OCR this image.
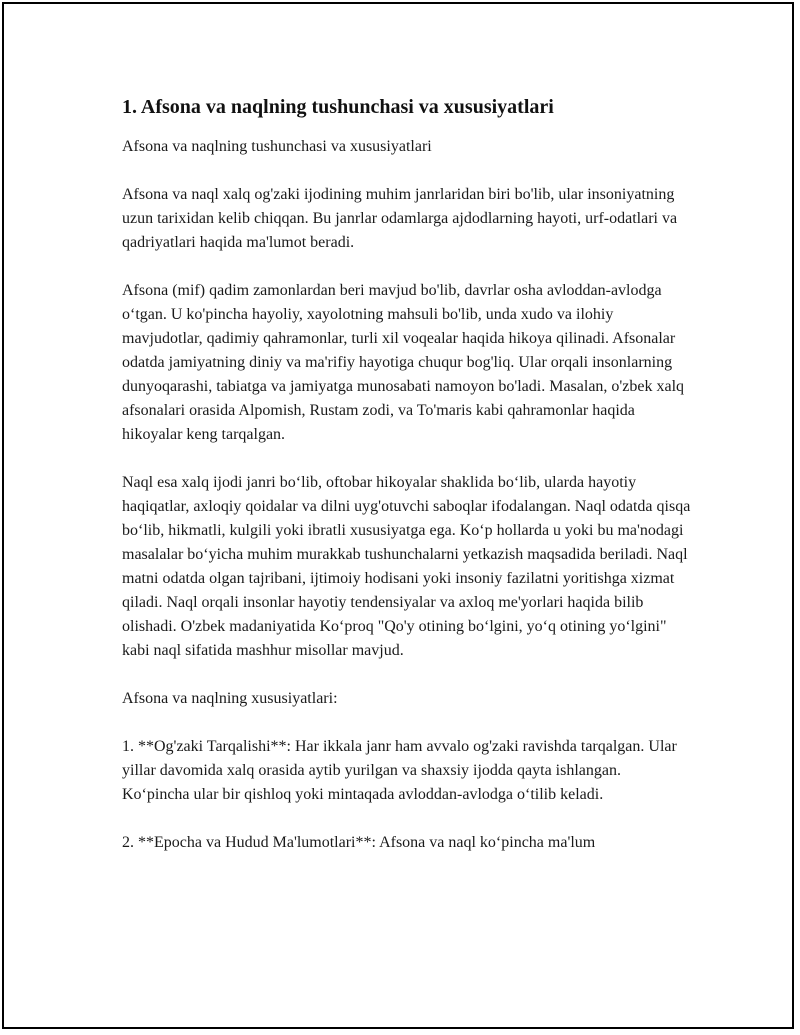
1. Afsona va naqlning tushunchasi va xususiyatlari

Afsona va naqlning tushunchasi va xususiyatlari

Afsona va naql xalq og'zaki ijodining muhim janrlaridan biri bo'lib, ular insoniyatning uzun tarixidan kelib chiqqan. Bu janrlar odamlarga ajdodlarning hayoti, urf-odatlari va qadriyatlari haqida ma'lumot beradi.

Afsona (mif) qadim zamonlardan beri mavjud bo'lib, davrlar osha avloddan-avlodga o‘tgan. U ko'pincha hayoliy, xayolotning mahsuli bo'lib, unda xudo va ilohiy mavjudotlar, qadimiy qahramonlar, turli xil voqealar haqida hikoya qilinadi. Afsonalar odatda jamiyatning diniy va ma'rifiy hayotiga chuqur bog'liq. Ular orqali insonlarning dunyoqarashi, tabiatga va jamiyatga munosabati namoyon bo'ladi. Masalan, o'zbek xalq afsonalari orasida Alpomish, Rustam zodi, va To'maris kabi qahramonlar haqida hikoyalar keng tarqalgan.

Naql esa xalq ijodi janri bo‘lib, oftobar hikoyalar shaklida bo‘lib, ularda hayotiy haqiqatlar, axloqiy qoidalar va dilni uyg'otuvchi saboqlar ifodalangan. Naql odatda qisqa bo‘lib, hikmatli, kulgili yoki ibratli xususiyatga ega. Ko‘p hollarda u yoki bu ma'nodagi masalalar bo‘yicha muhim murakkab tushunchalarni yetkazish maqsadida beriladi. Naql matni odatda olgan tajribani, ijtimoiy hodisani yoki insoniy fazilatni yoritishga xizmat qiladi. Naql orqali insonlar hayotiy tendensiyalar va axloq me'yorlari haqida bilib olishadi. O'zbek madaniyatida Ko‘proq "Qo'y otining bo‘lgini, yo‘q otining yo‘lgini" kabi naql sifatida mashhur misollar mavjud.

Afsona va naqlning xususiyatlari:

1. **Og'zaki Tarqalishi**: Har ikkala janr ham avvalo og'zaki ravishda tarqalgan. Ular yillar davomida xalq orasida aytib yurilgan va shaxsiy ijodda qayta ishlangan. Ko‘pincha ular bir qishloq yoki mintaqada avloddan-avlodga o‘tilib keladi.

2. **Epocha va Hudud Ma'lumotlari**: Afsona va naql ko‘pincha ma'lum
